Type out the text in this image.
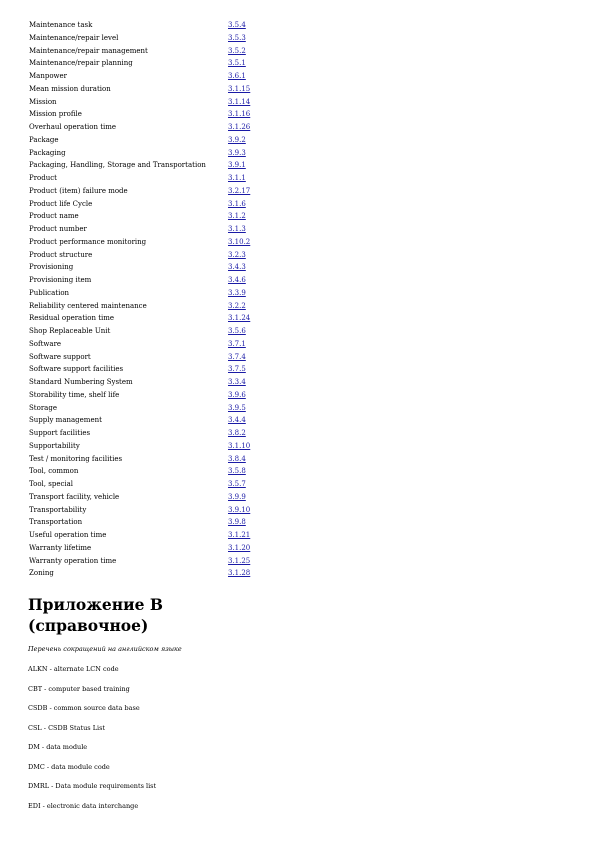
Maintenance task	3.5.4
Maintenance/repair level	3.5.3
Maintenance/repair management	3.5.2
Maintenance/repair planning	3.5.1
Manpower	3.6.1
Mean mission duration	3.1.15
Mission	3.1.14
Mission profile	3.1.16
Overhaul operation time	3.1.26
Package	3.9.2
Packaging	3.9.3
Packaging, Handling, Storage and Transportation	3.9.1
Product	3.1.1
Product (item) failure mode	3.2.17
Product life Cycle	3.1.6
Product name	3.1.2
Product number	3.1.3
Product performance monitoring	3.10.2
Product structure	3.2.3
Provisioning	3.4.3
Provisioning item	3.4.6
Publication	3.3.9
Reliability centered maintenance	3.2.2
Residual operation time	3.1.24
Shop Replaceable Unit	3.5.6
Software	3.7.1
Software support	3.7.4
Software support facilities	3.7.5
Standard Numbering System	3.3.4
Storability time, shelf life	3.9.6
Storage	3.9.5
Supply management	3.4.4
Support facilities	3.8.2
Supportability	3.1.10
Test / monitoring facilities	3.8.4
Tool, common	3.5.8
Tool, special	3.5.7
Transport facility, vehicle	3.9.9
Transportability	3.9.10
Transportation	3.9.8
Useful operation time	3.1.21
Warranty lifetime	3.1.20
Warranty operation time	3.1.25
Zoning	3.1.28
Приложение В
(справочное)

Перечень сокращений на английском языке

ALKN - alternate LCN code
CBT - computer based training
CSDB - common source data base
CSL - CSDB Status List
DM - data module
DMC - data module code
DMRL - Data module requirements list
EDI - electronic data interchange
